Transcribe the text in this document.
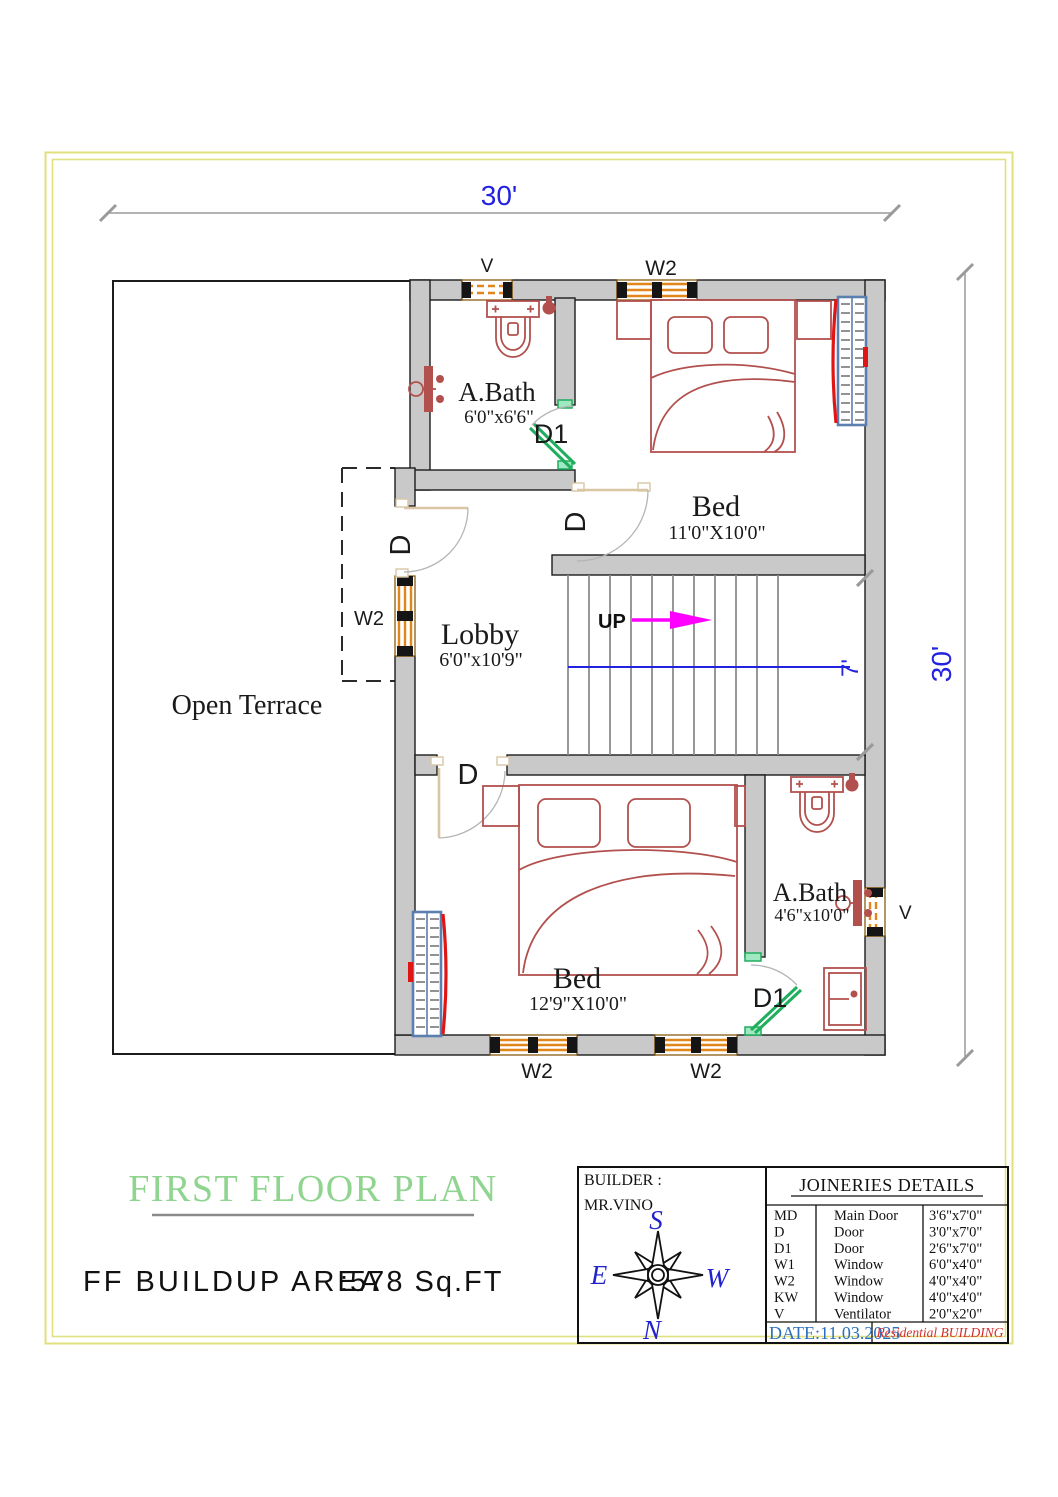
30'
30'
V	W2
W2
W2	W2
V
D
D
D
D1
D1
UP
7'
A.Bath
6'0"x6'6"
Bed
11'0"X10'0"
Lobby
6'0"x10'9"
Open Terrace
Bed
12'9"X10'0"
A.Bath
4'6"x10'0"
FIRST FLOOR PLAN
FF BUILDUP AREA
:578 Sq.FT
BUILDER :
MR.VINO
S
N
E	W
JOINERIES DETAILS
MD	Main Door 3'6"x7'0"
D	Door	3'0"x7'0"
D1	Door	2'6"x7'0"
W1	Window	6'0"x4'0"
W2	Window	4'0"x4'0"
KW Window	4'0"x4'0"
V	Ventilator	2'0"x2'0"
DATE:11.03.2025
Residential BUILDING
